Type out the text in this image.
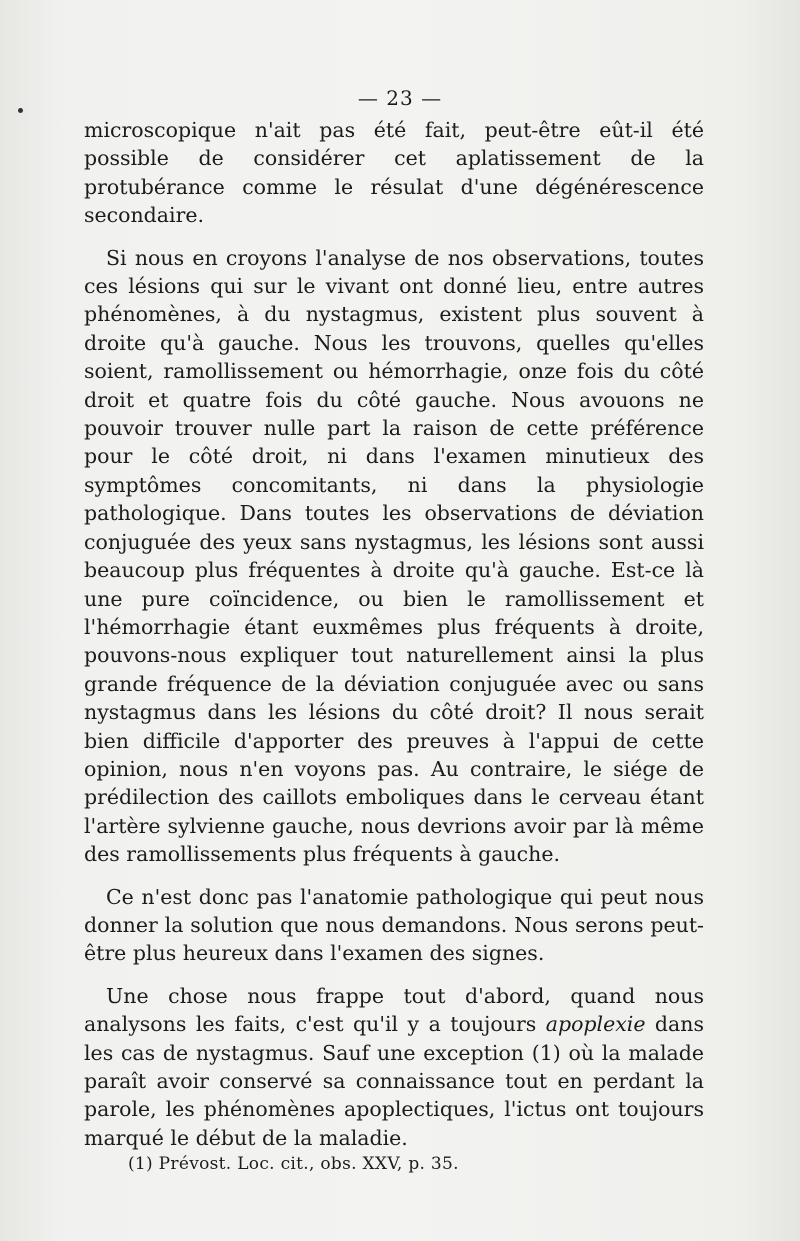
— 23 —

microscopique n'ait pas été fait, peut-être eût-il été possible de considérer cet aplatissement de la protubérance comme le résulat d'une dégénérescence secondaire.

Si nous en croyons l'analyse de nos observations, toutes ces lésions qui sur le vivant ont donné lieu, entre autres phénomènes, à du nystagmus, existent plus souvent à droite qu'à gauche. Nous les trouvons, quelles qu'elles soient, ramollissement ou hémorrhagie, onze fois du côté droit et quatre fois du côté gauche. Nous avouons ne pouvoir trouver nulle part la raison de cette préférence pour le côté droit, ni dans l'examen minutieux des symptômes concomitants, ni dans la physiologie pathologique. Dans toutes les observations de déviation conjuguée des yeux sans nystagmus, les lésions sont aussi beaucoup plus fréquentes à droite qu'à gauche. Est-ce là une pure coïncidence, ou bien le ramollissement et l'hémorrhagie étant euxmêmes plus fréquents à droite, pouvons-nous expliquer tout naturellement ainsi la plus grande fréquence de la déviation conjuguée avec ou sans nystagmus dans les lésions du côté droit? Il nous serait bien difficile d'apporter des preuves à l'appui de cette opinion, nous n'en voyons pas. Au contraire, le siége de prédilection des caillots emboliques dans le cerveau étant l'artère sylvienne gauche, nous devrions avoir par là même des ramollissements plus fréquents à gauche.

Ce n'est donc pas l'anatomie pathologique qui peut nous donner la solution que nous demandons. Nous serons peut-être plus heureux dans l'examen des signes.

Une chose nous frappe tout d'abord, quand nous analysons les faits, c'est qu'il y a toujours apoplexie dans les cas de nystagmus. Sauf une exception (1) où la malade paraît avoir conservé sa connaissance tout en perdant la parole, les phénomènes apoplectiques, l'ictus ont toujours marqué le début de la maladie.

(1) Prévost. Loc. cit., obs. XXV, p. 35.
